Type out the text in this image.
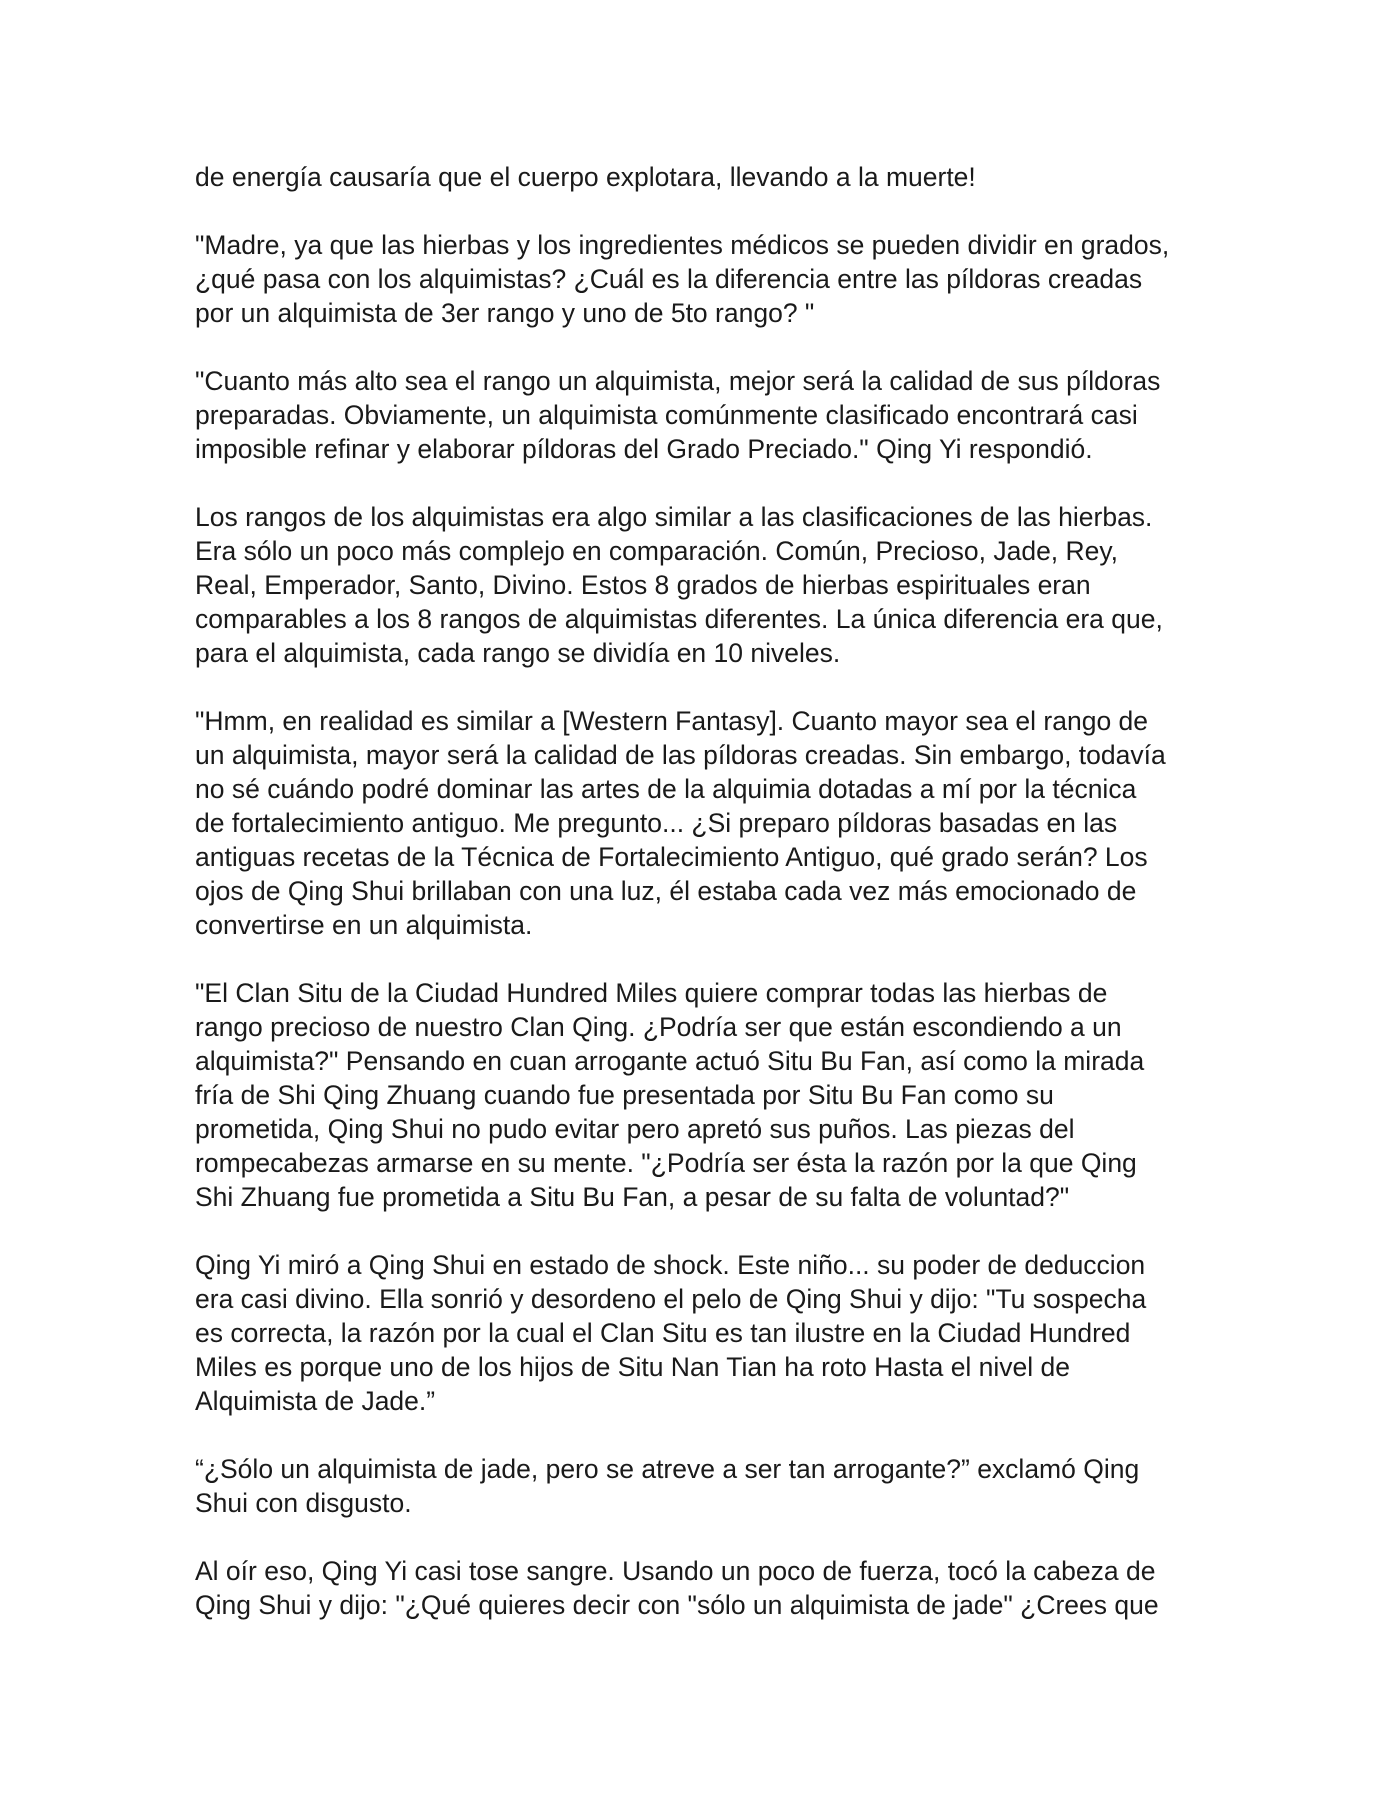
de energía causaría que el cuerpo explotara, llevando a la muerte!

"Madre, ya que las hierbas y los ingredientes médicos se pueden dividir en grados,
¿qué pasa con los alquimistas? ¿Cuál es la diferencia entre las píldoras creadas
por un alquimista de 3er rango y uno de 5to rango? "

"Cuanto más alto sea el rango un alquimista, mejor será la calidad de sus píldoras
preparadas. Obviamente, un alquimista comúnmente clasificado encontrará casi
imposible refinar y elaborar píldoras del Grado Preciado." Qing Yi respondió.

Los rangos de los alquimistas era algo similar a las clasificaciones de las hierbas.
Era sólo un poco más complejo en comparación. Común, Precioso, Jade, Rey,
Real, Emperador, Santo, Divino. Estos 8 grados de hierbas espirituales eran
comparables a los 8 rangos de alquimistas diferentes. La única diferencia era que,
para el alquimista, cada rango se dividía en 10 niveles.

"Hmm, en realidad es similar a [Western Fantasy]. Cuanto mayor sea el rango de
un alquimista, mayor será la calidad de las píldoras creadas. Sin embargo, todavía
no sé cuándo podré dominar las artes de la alquimia dotadas a mí por la técnica
de fortalecimiento antiguo. Me pregunto... ¿Si preparo píldoras basadas en las
antiguas recetas de la Técnica de Fortalecimiento Antiguo, qué grado serán? Los
ojos de Qing Shui brillaban con una luz, él estaba cada vez más emocionado de
convertirse en un alquimista.

"El Clan Situ de la Ciudad Hundred Miles quiere comprar todas las hierbas de
rango precioso de nuestro Clan Qing. ¿Podría ser que están escondiendo a un
alquimista?" Pensando en cuan arrogante actuó Situ Bu Fan, así como la mirada
fría de Shi Qing Zhuang cuando fue presentada por Situ Bu Fan como su
prometida, Qing Shui no pudo evitar pero apretó sus puños. Las piezas del
rompecabezas armarse en su mente. "¿Podría ser ésta la razón por la que Qing
Shi Zhuang fue prometida a Situ Bu Fan, a pesar de su falta de voluntad?"

Qing Yi miró a Qing Shui en estado de shock. Este niño... su poder de deduccion
era casi divino. Ella sonrió y desordeno el pelo de Qing Shui y dijo: "Tu sospecha
es correcta, la razón por la cual el Clan Situ es tan ilustre en la Ciudad Hundred
Miles es porque uno de los hijos de Situ Nan Tian ha roto Hasta el nivel de
Alquimista de Jade.”

“¿Sólo un alquimista de jade, pero se atreve a ser tan arrogante?” exclamó Qing
Shui con disgusto.

Al oír eso, Qing Yi casi tose sangre. Usando un poco de fuerza, tocó la cabeza de
Qing Shui y dijo: "¿Qué quieres decir con "sólo un alquimista de jade" ¿Crees que
